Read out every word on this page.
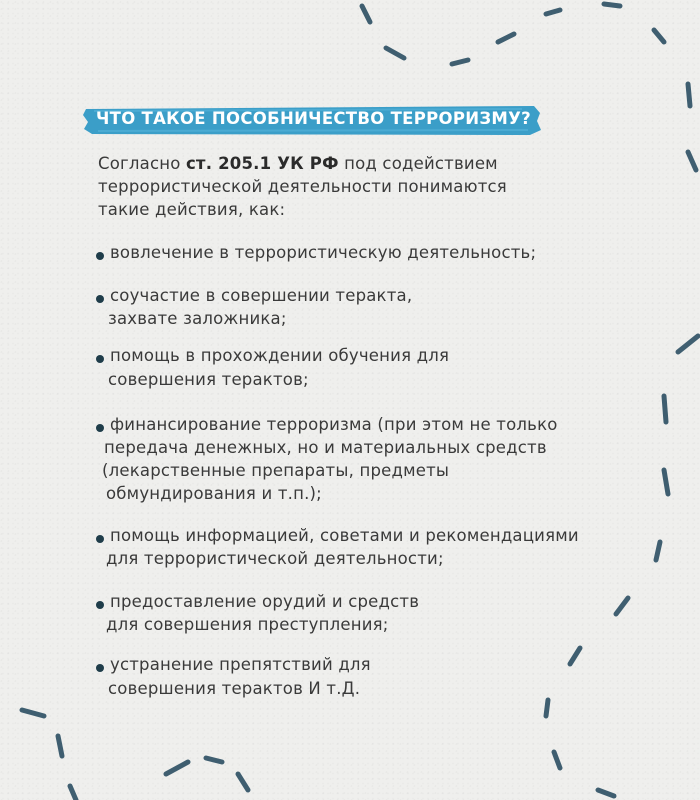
ЧТО ТАКОЕ ПОСОБНИЧЕСТВО ТЕРРОРИЗМУ?
Согласно ст. 205.1 УК РФ под содействием
террористической деятельности понимаются
такие действия, как:
вовлечение в террористическую деятельность;
соучастие в совершении теракта,
захвате заложника;
помощь в прохождении обучения для
совершения терактов;
финансирование терроризма (при этом не только
передача денежных, но и материальных средств
(лекарственные препараты, предметы
обмундирования и т.п.);
помощь информацией, советами и рекомендациями
для террористической деятельности;
предоставление орудий и средств
для совершения преступления;
устранение препятствий для
совершения терактов И т.Д.
